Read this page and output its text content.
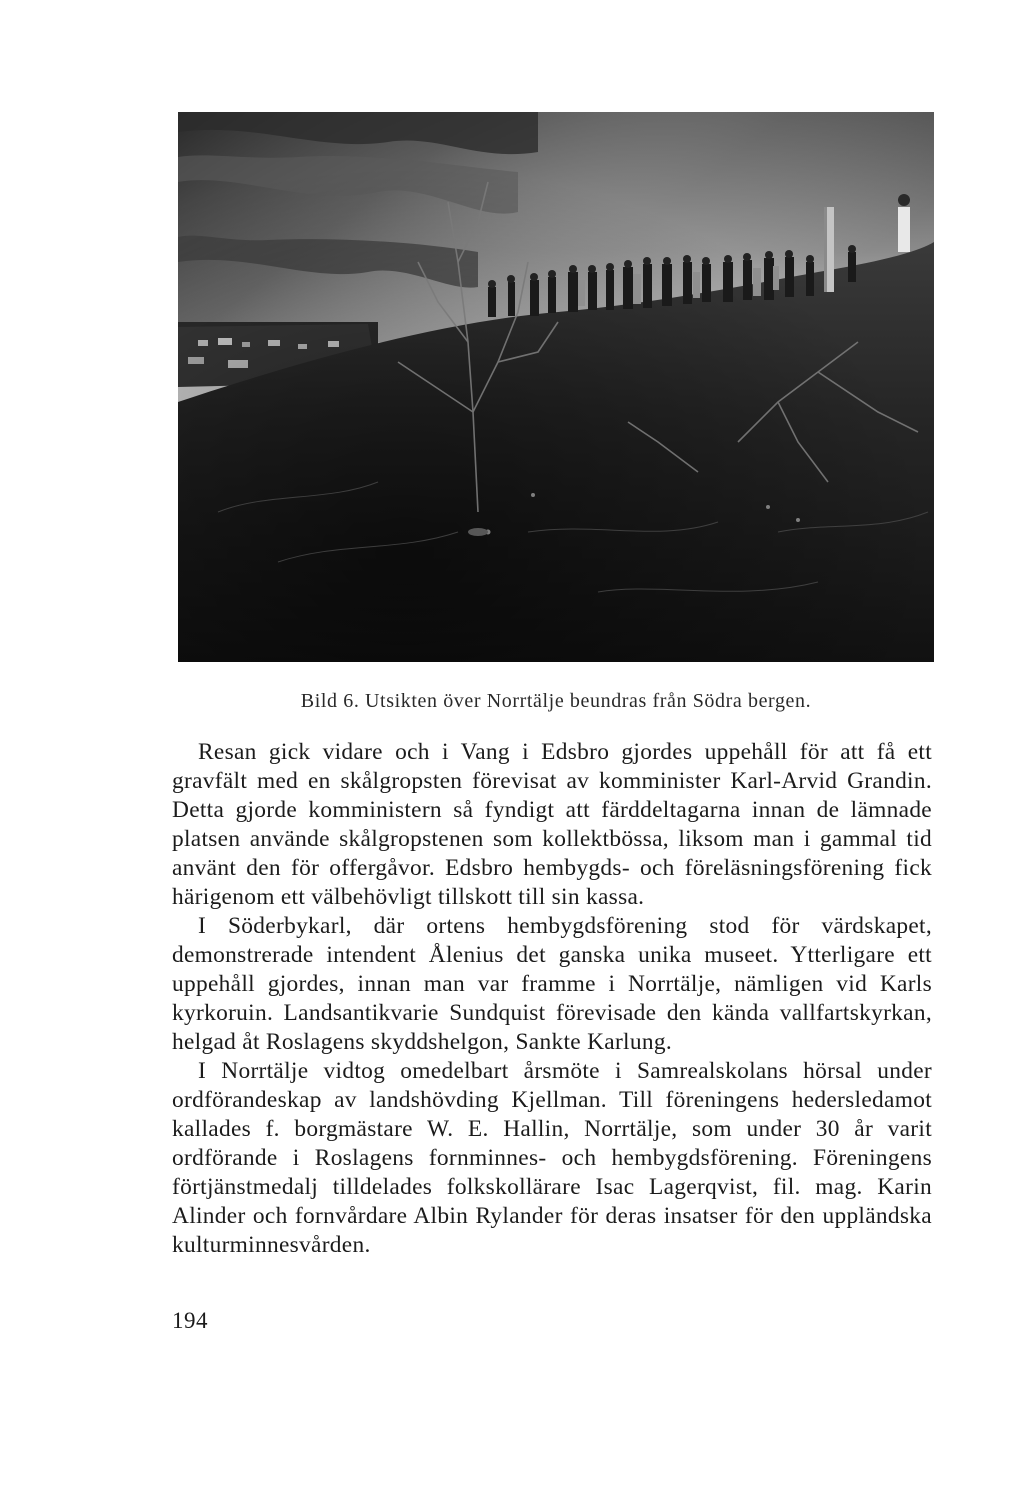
Bild 6. Utsikten över Norrtälje beundras från Södra bergen.

Resan gick vidare och i Vang i Edsbro gjordes uppehåll för att få ett gravfält med en skålgropsten förevisat av komminister Karl-Arvid Grandin. Detta gjorde komministern så fyndigt att färddeltagarna innan de lämnade platsen använde skålgropstenen som kollektbössa, liksom man i gammal tid använt den för offergåvor. Edsbro hembygds- och föreläsningsförening fick härigenom ett välbehövligt tillskott till sin kassa.

I Söderbykarl, där ortens hembygdsförening stod för värdskapet, demonstrerade intendent Ålenius det ganska unika museet. Ytterligare ett uppehåll gjordes, innan man var framme i Norrtälje, nämligen vid Karls kyrkoruin. Landsantikvarie Sundquist förevisade den kända vallfartskyrkan, helgad åt Roslagens skyddshelgon, Sankte Karlung.

I Norrtälje vidtog omedelbart årsmöte i Samrealskolans hörsal under ordförandeskap av landshövding Kjellman. Till föreningens hedersledamot kallades f. borgmästare W. E. Hallin, Norrtälje, som under 30 år varit ordförande i Roslagens fornminnes- och hembygdsförening. Föreningens förtjänstmedalj tilldelades folkskollärare Isac Lagerqvist, fil. mag. Karin Alinder och fornvårdare Albin Rylander för deras insatser för den uppländska kulturminnesvården.

194
